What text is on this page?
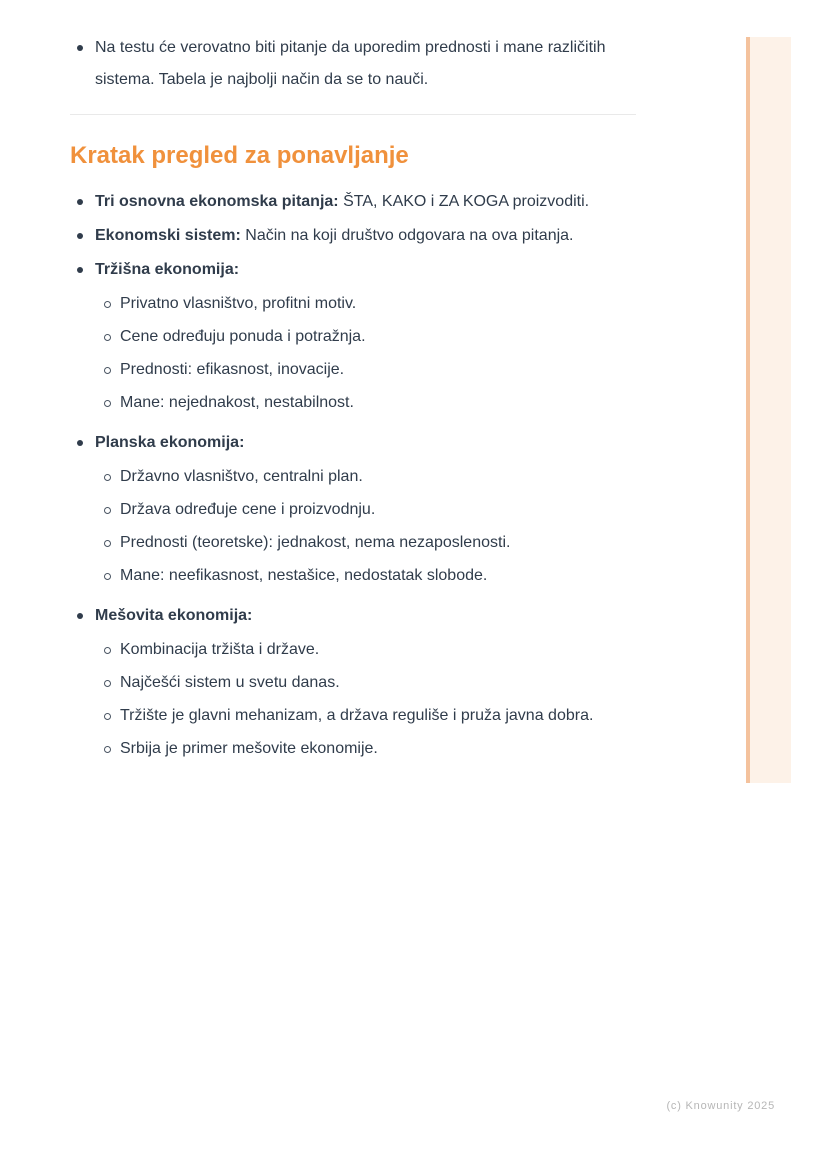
Na testu će verovatno biti pitanje da uporedim prednosti i mane različitih sistema. Tabela je najbolji način da se to nauči.
Kratak pregled za ponavljanje
Tri osnovna ekonomska pitanja: ŠTA, KAKO i ZA KOGA proizvoditi.
Ekonomski sistem: Način na koji društvo odgovara na ova pitanja.
Tržišna ekonomija:
Privatno vlasništvo, profitni motiv.
Cene određuju ponuda i potražnja.
Prednosti: efikasnost, inovacije.
Mane: nejednakost, nestabilnost.
Planska ekonomija:
Državno vlasništvo, centralni plan.
Država određuje cene i proizvodnju.
Prednosti (teoretske): jednakost, nema nezaposlenosti.
Mane: neefikasnost, nestašice, nedostatak slobode.
Mešovita ekonomija:
Kombinacija tržišta i države.
Najčešći sistem u svetu danas.
Tržište je glavni mehanizam, a država reguliše i pruža javna dobra.
Srbija je primer mešovite ekonomije.
(c) Knowunity 2025
